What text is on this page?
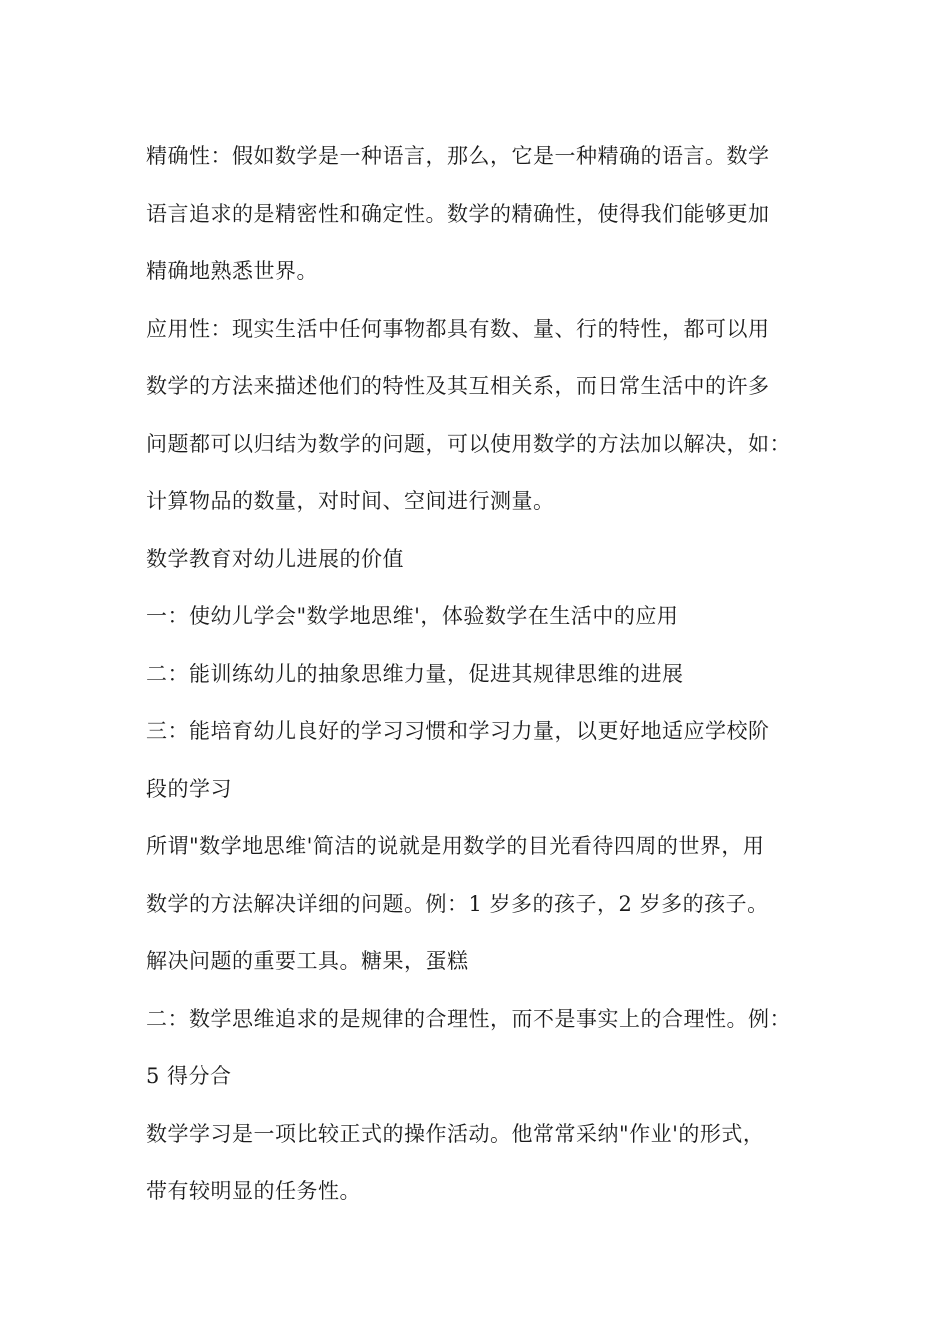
精确性：假如数学是一种语言，那么，它是一种精确的语言。数学

语言追求的是精密性和确定性。数学的精确性，使得我们能够更加

精确地熟悉世界。

应用性：现实生活中任何事物都具有数、量、行的特性，都可以用

数学的方法来描述他们的特性及其互相关系，而日常生活中的许多

问题都可以归结为数学的问题，可以使用数学的方法加以解决，如：

计算物品的数量，对时间、空间进行测量。

数学教育对幼儿进展的价值

一：使幼儿学会"数学地思维'，体验数学在生活中的应用

二：能训练幼儿的抽象思维力量，促进其规律思维的进展

三：能培育幼儿良好的学习习惯和学习力量，以更好地适应学校阶

段的学习

所谓"数学地思维'简洁的说就是用数学的目光看待四周的世界，用

数学的方法解决详细的问题。例：1 岁多的孩子，2 岁多的孩子。

解决问题的重要工具。糖果，蛋糕

二：数学思维追求的是规律的合理性，而不是事实上的合理性。例：

5 得分合

数学学习是一项比较正式的操作活动。他常常采纳"作业'的形式，

带有较明显的任务性。
